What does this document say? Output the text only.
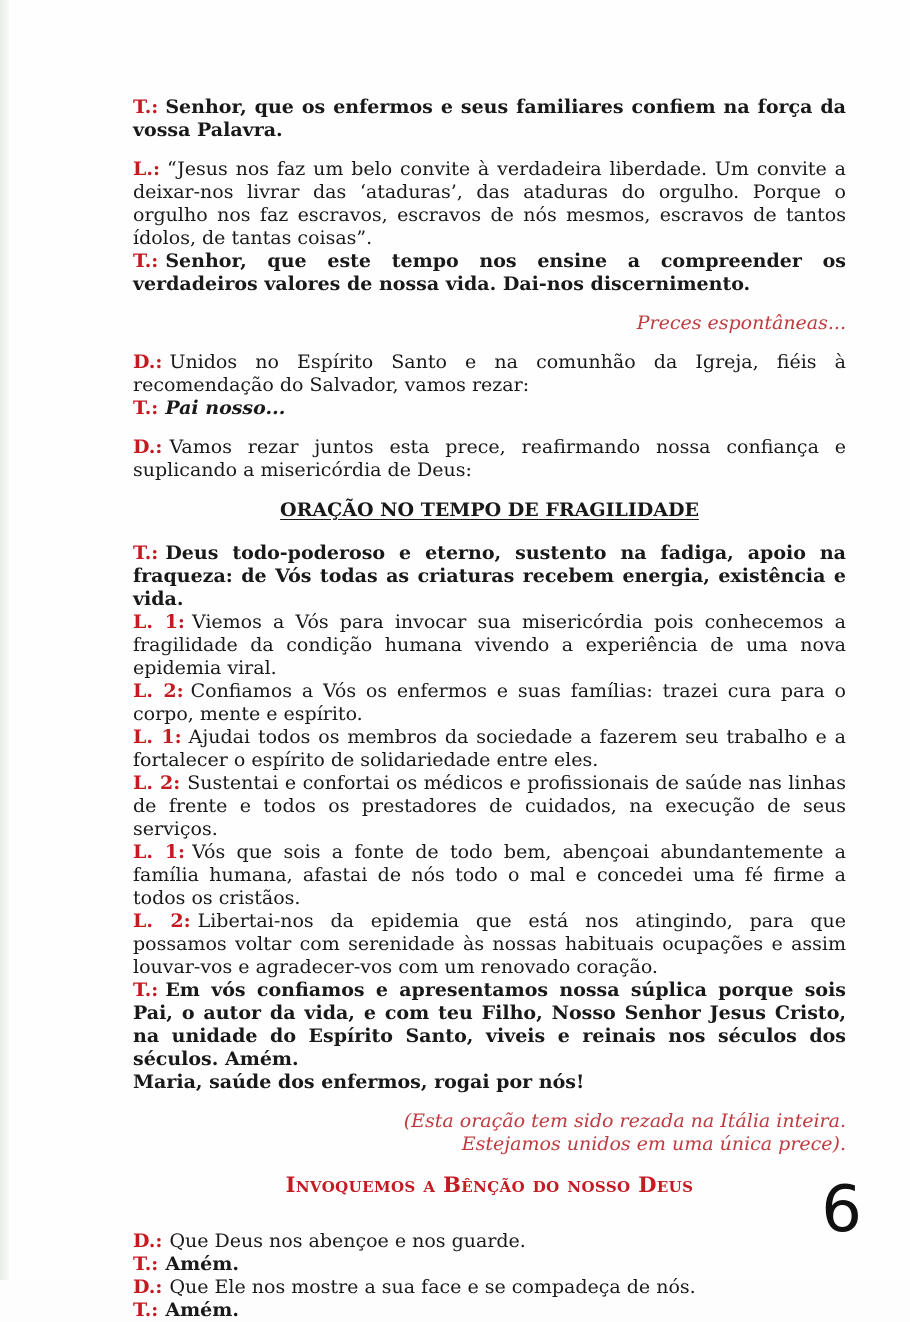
T.: Senhor, que os enfermos e seus familiares confiem na força da vossa Palavra.

L.: “Jesus nos faz um belo convite à verdadeira liberdade. Um convite a deixar-nos livrar das ‘ataduras’, das ataduras do orgulho. Porque o orgulho nos faz escravos, escravos de nós mesmos, escravos de tantos ídolos, de tantas coisas”.

T.: Senhor, que este tempo nos ensine a compreender os verdadeiros valores de nossa vida. Dai-nos discernimento.

Preces espontâneas...

D.: Unidos no Espírito Santo e na comunhão da Igreja, fiéis à recomendação do Salvador, vamos rezar:

T.: Pai nosso...

D.: Vamos rezar juntos esta prece, reafirmando nossa confiança e suplicando a misericórdia de Deus:

ORAÇÃO NO TEMPO DE FRAGILIDADE

T.: Deus todo-poderoso e eterno, sustento na fadiga, apoio na fraqueza: de Vós todas as criaturas recebem energia, existência e vida.

L. 1: Viemos a Vós para invocar sua misericórdia pois conhecemos a fragilidade da condição humana vivendo a experiência de uma nova epidemia viral.

L. 2: Confiamos a Vós os enfermos e suas famílias: trazei cura para o corpo, mente e espírito.

L. 1: Ajudai todos os membros da sociedade a fazerem seu trabalho e a fortalecer o espírito de solidariedade entre eles.

L. 2: Sustentai e confortai os médicos e profissionais de saúde nas linhas de frente e todos os prestadores de cuidados, na execução de seus serviços.

L. 1: Vós que sois a fonte de todo bem, abençoai abundantemente a família humana, afastai de nós todo o mal e concedei uma fé firme a todos os cristãos.

L. 2: Libertai-nos da epidemia que está nos atingindo, para que possamos voltar com serenidade às nossas habituais ocupações e assim louvar-vos e agradecer-vos com um renovado coração.

T.: Em vós confiamos e apresentamos nossa súplica porque sois Pai, o autor da vida, e com teu Filho, Nosso Senhor Jesus Cristo, na unidade do Espírito Santo, viveis e reinais nos séculos dos séculos. Amém.

Maria, saúde dos enfermos, rogai por nós!

(Esta oração tem sido rezada na Itália inteira.
Estejamos unidos em uma única prece).

Invoquemos a Bênção do nosso Deus

D.: Que Deus nos abençoe e nos guarde.

T.: Amém.

D.: Que Ele nos mostre a sua face e se compadeça de nós.

T.: Amém.

6
